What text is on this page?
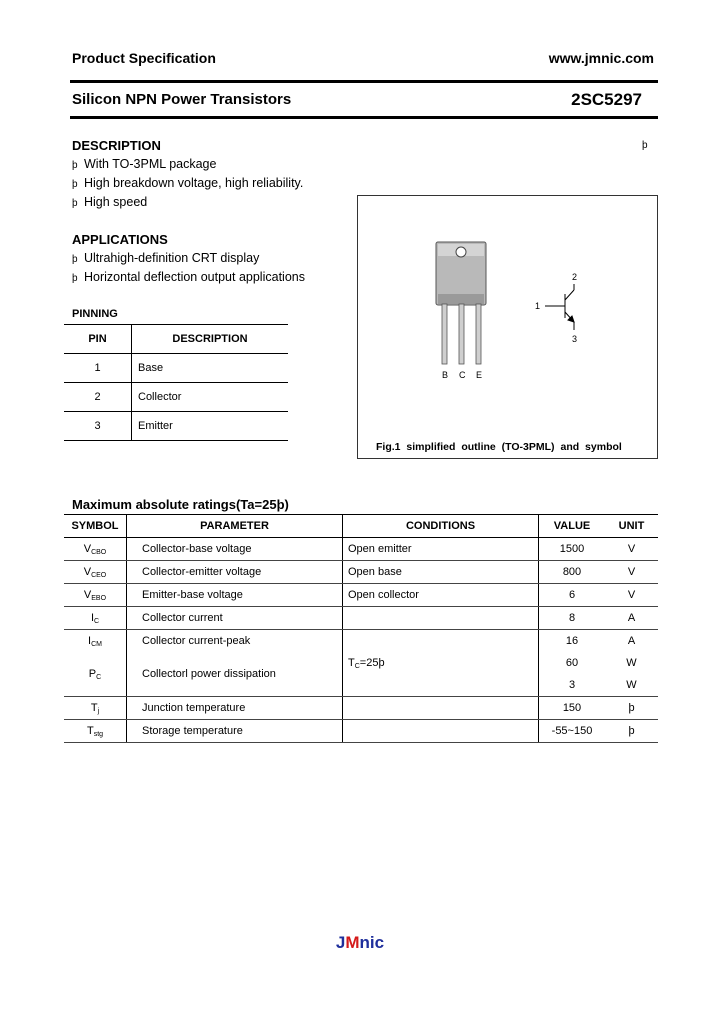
Product Specification	www.jmnic.com
Silicon NPN Power Transistors	2SC5297
DESCRIPTION	þ
þ With TO-3PML package
þ High breakdown voltage, high reliability.
þ High speed
APPLICATIONS
þ Ultrahigh-definition CRT display
þ Horizontal deflection output applications
PINNING
PIN	DESCRIPTION
1	Base
2	Collector
3	Emitter
B C E
1
2
3
Fig.1 simplified outline (TO-3PML) and symbol
Maximum absolute ratings(Ta=25þ)
SYMBOL	PARAMETER	CONDITIONS	VALUE	UNIT
$V_{CBO}$	Collector-base voltage	Open emitter	1500	V
$V_{CEO}$	Collector-emitter voltage	Open base	800	V
$V_{EBO}$	Emitter-base voltage	Open collector	6	V
$I_C$	Collector current		8	A
$I_{CM}$	Collector current-peak	$T_C=25þ$	16	A
$P_C$	Collectorl power dissipation		60	W
			3	W
$T_j$	Junction temperature		150	þ
$T_{stg}$	Storage temperature		-55~150	þ
JMnic
